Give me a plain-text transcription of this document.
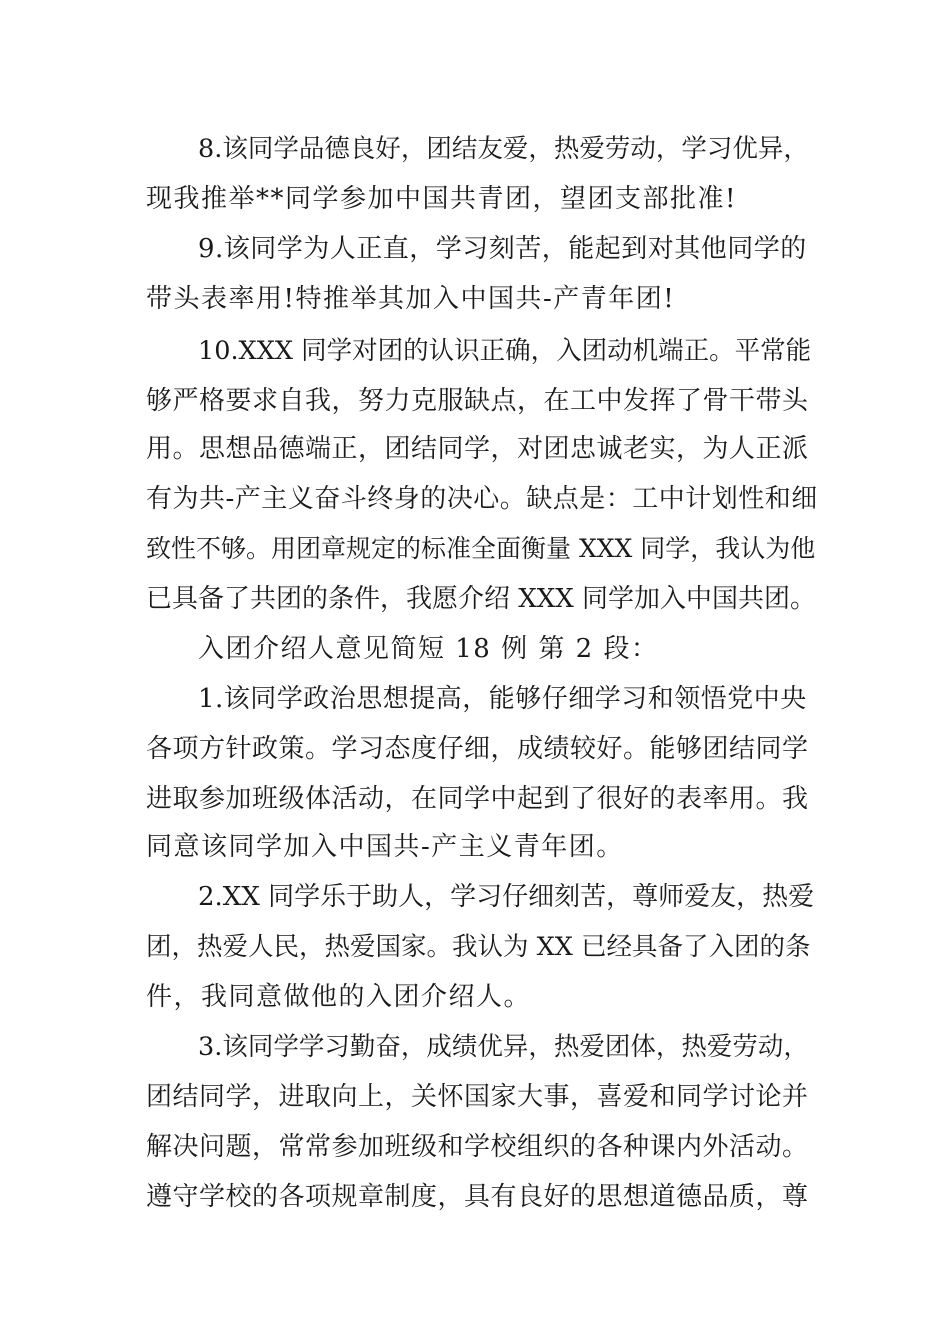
8.该同学品德良好，团结友爱，热爱劳动，学习优异，
现我推举**同学参加中国共青团，望团支部批准!
9.该同学为人正直，学习刻苦，能起到对其他同学的
带头表率用!特推举其加入中国共-产青年团!
10.XXX 同学对团的认识正确，入团动机端正。平常能
够严格要求自我，努力克服缺点，在工中发挥了骨干带头
用。思想品德端正，团结同学，对团忠诚老实，为人正派
有为共-产主义奋斗终身的决心。缺点是：工中计划性和细
致性不够。用团章规定的标准全面衡量 XXX 同学，我认为他
已具备了共团的条件，我愿介绍 XXX 同学加入中国共团。
入团介绍人意见简短 18 例 第 2 段：
1.该同学政治思想提高，能够仔细学习和领悟党中央
各项方针政策。学习态度仔细，成绩较好。能够团结同学
进取参加班级体活动，在同学中起到了很好的表率用。我
同意该同学加入中国共-产主义青年团。
2.XX 同学乐于助人，学习仔细刻苦，尊师爱友，热爱
团，热爱人民，热爱国家。我认为 XX 已经具备了入团的条
件，我同意做他的入团介绍人。
3.该同学学习勤奋，成绩优异，热爱团体，热爱劳动，
团结同学，进取向上，关怀国家大事，喜爱和同学讨论并
解决问题，常常参加班级和学校组织的各种课内外活动。
遵守学校的各项规章制度，具有良好的思想道德品质，尊
